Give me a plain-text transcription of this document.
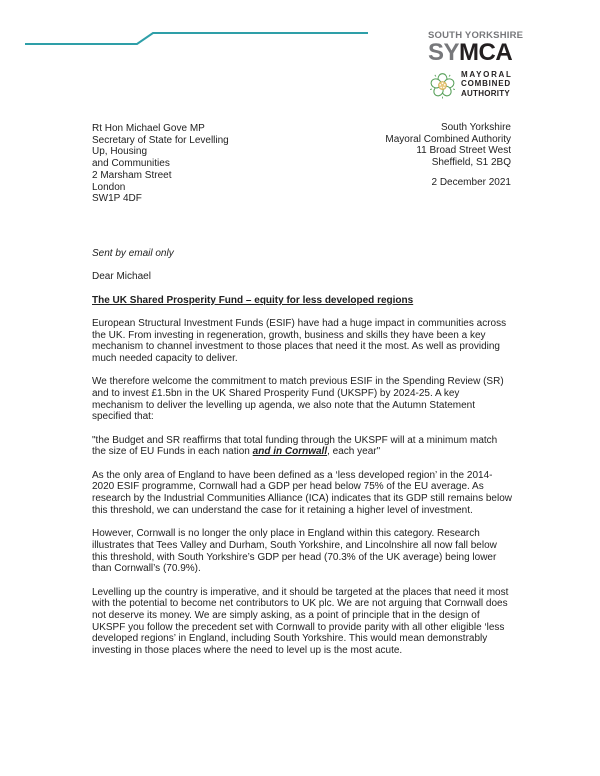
SOUTH YORKSHIRE
SYMCA
MAYORAL
COMBINED
AUTHORITY
Rt Hon Michael Gove MP
Secretary of State for Levelling
Up, Housing
and Communities
2 Marsham Street
London
SW1P 4DF
South Yorkshire
Mayoral Combined Authority
11 Broad Street West
Sheffield, S1 2BQ
2 December 2021

Sent by email only

Dear Michael

The UK Shared Prosperity Fund – equity for less developed regions

European Structural Investment Funds (ESIF) have had a huge impact in communities across the UK. From investing in regeneration, growth, business and skills they have been a key mechanism to channel investment to those places that need it the most. As well as providing much needed capacity to deliver.

We therefore welcome the commitment to match previous ESIF in the Spending Review (SR) and to invest £1.5bn in the UK Shared Prosperity Fund (UKSPF) by 2024-25. A key mechanism to deliver the levelling up agenda, we also note that the Autumn Statement specified that:

"the Budget and SR reaffirms that total funding through the UKSPF will at a minimum match the size of EU Funds in each nation and in Cornwall, each year"

As the only area of England to have been defined as a ‘less developed region’ in the 2014-2020 ESIF programme, Cornwall had a GDP per head below 75% of the EU average. As research by the Industrial Communities Alliance (ICA) indicates that its GDP still remains below this threshold, we can understand the case for it retaining a higher level of investment.

However, Cornwall is no longer the only place in England within this category. Research illustrates that Tees Valley and Durham, South Yorkshire, and Lincolnshire all now fall below this threshold, with South Yorkshire’s GDP per head (70.3% of the UK average) being lower than Cornwall’s (70.9%).

Levelling up the country is imperative, and it should be targeted at the places that need it most with the potential to become net contributors to UK plc. We are not arguing that Cornwall does not deserve its money. We are simply asking, as a point of principle that in the design of UKSPF you follow the precedent set with Cornwall to provide parity with all other eligible ‘less developed regions’ in England, including South Yorkshire. This would mean demonstrably investing in those places where the need to level up is the most acute.
